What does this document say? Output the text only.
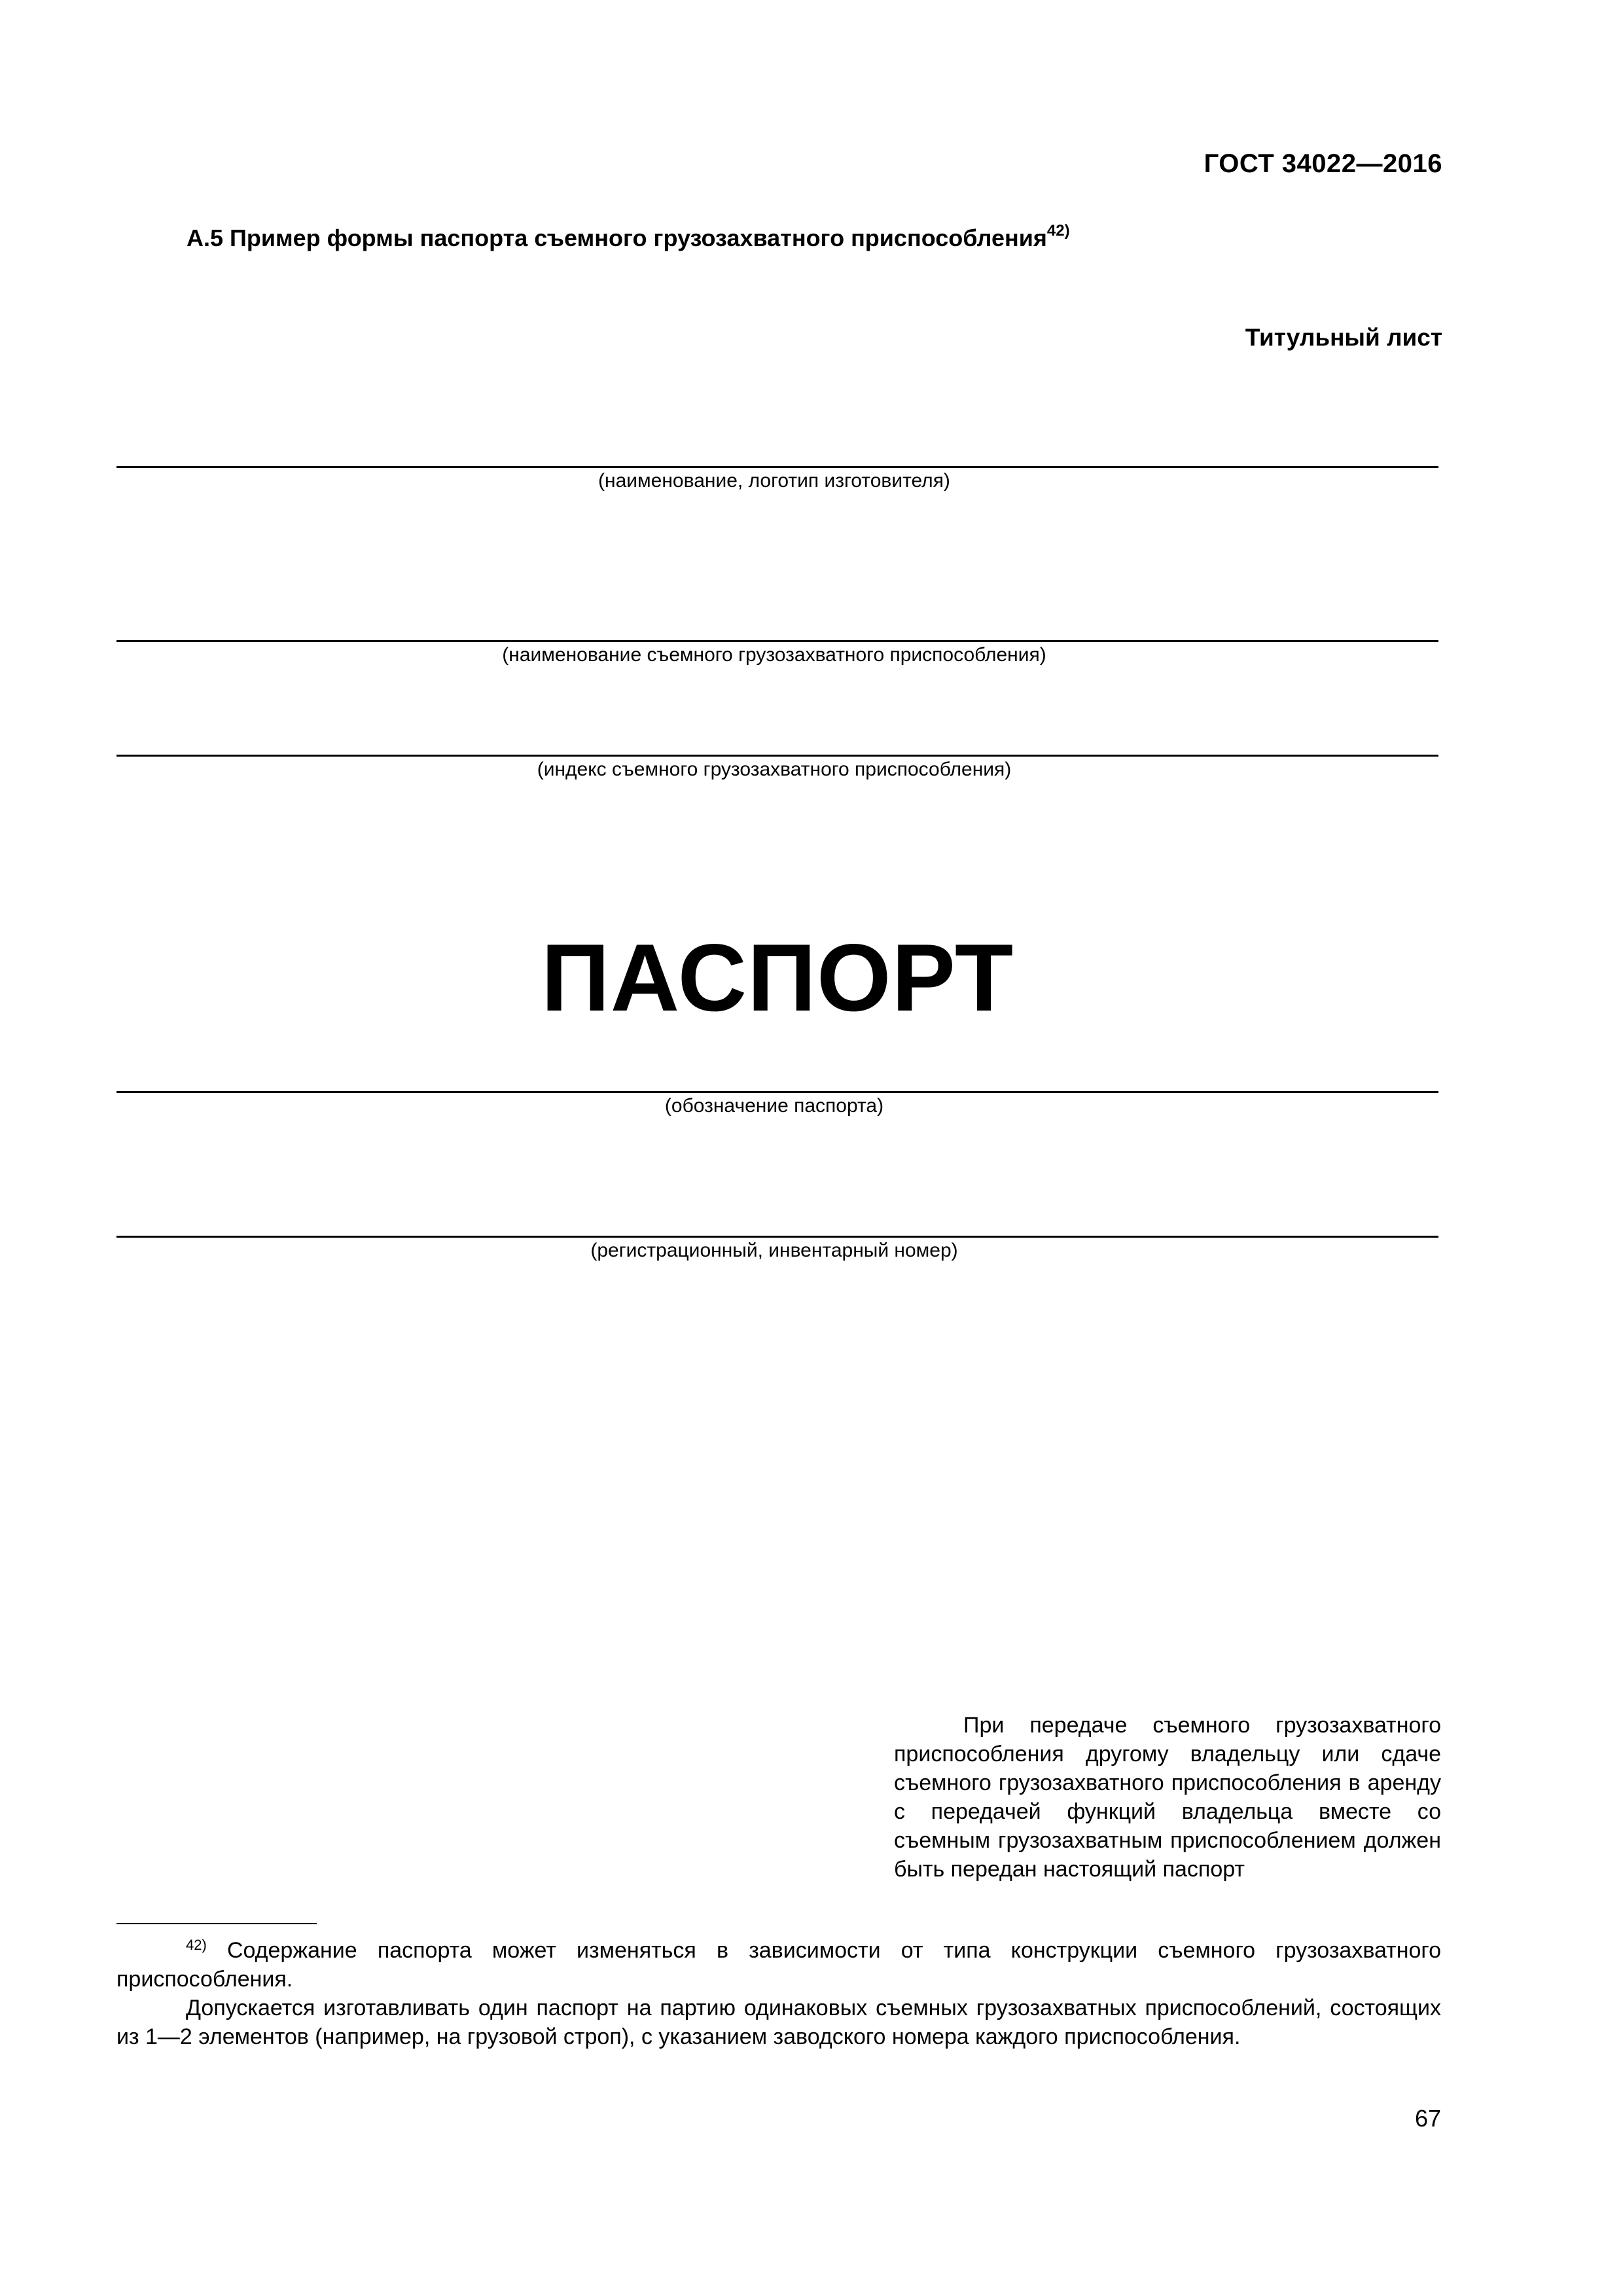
ГОСТ 34022—2016
А.5 Пример формы паспорта съемного грузозахватного приспособления$^{42)}$
Титульный лист
(наименование, логотип изготовителя)
(наименование съемного грузозахватного приспособления)
(индекс съемного грузозахватного приспособления)
ПАСПОРТ
(обозначение паспорта)
(регистрационный, инвентарный номер)
При передаче съемного грузозахватного приспособления другому владельцу или сдаче съемного грузозахватного приспособления в аренду с передачей функций владельца вместе со съемным грузозахватным приспособлением должен быть передан настоящий паспорт

$^{42)}$ Содержание паспорта может изменяться в зависимости от типа конструкции съемного грузозахватного приспособления.

Допускается изготавливать один паспорт на партию одинаковых съемных грузозахватных приспособлений, состоящих из 1—2 элементов (например, на грузовой строп), с указанием заводского номера каждого приспособления.

67
